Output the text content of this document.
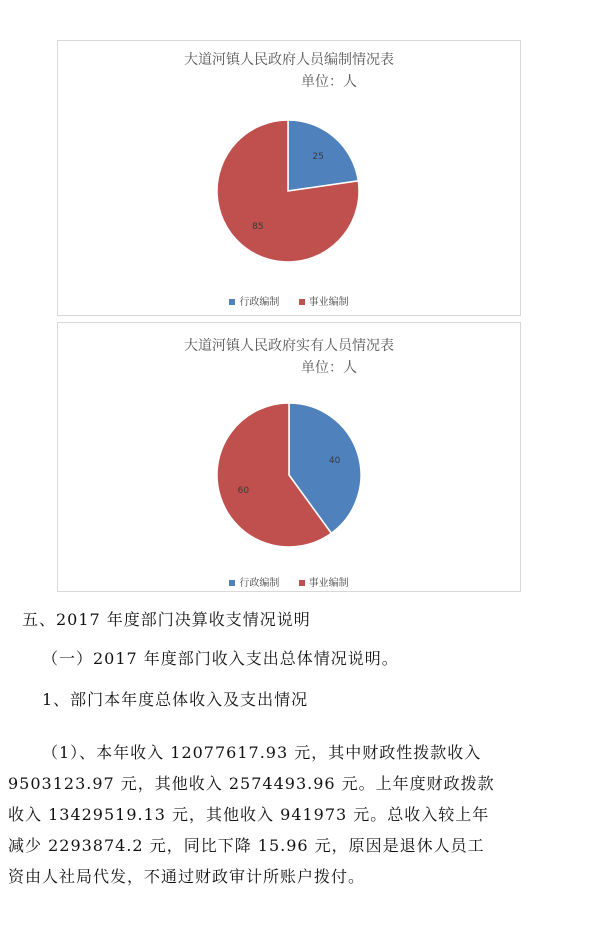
大道河镇人民政府人员编制情况表
单位：人
25
85
行政编制	事业编制
大道河镇人民政府实有人员情况表
单位：人
40
60
行政编制	事业编制
五、2017 年度部门决算收支情况说明
（一）2017 年度部门收入支出总体情况说明。
1、部门本年度总体收入及支出情况
（1）、本年收入 12077617.93 元，其中财政性拨款收入
9503123.97 元，其他收入 2574493.96 元。上年度财政拨款
收入 13429519.13 元，其他收入 941973 元。总收入较上年
减少 2293874.2 元，同比下降 15.96 元，原因是退休人员工
资由人社局代发，不通过财政审计所账户拨付。
